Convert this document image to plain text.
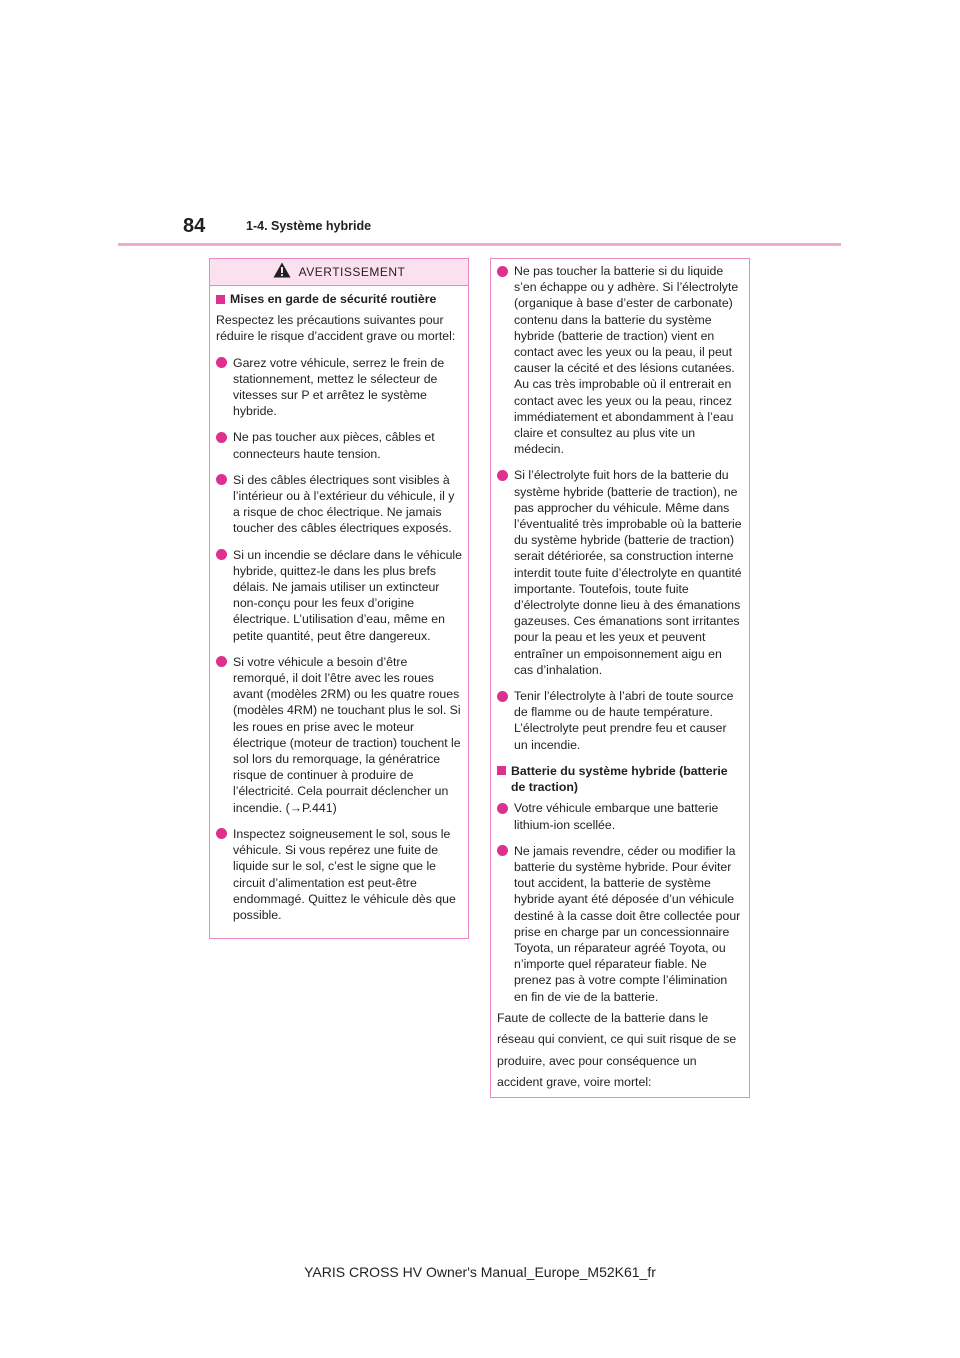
84	1-4. Système hybride
AVERTISSEMENT
Mises en garde de sécurité routière

Respectez les précautions suivantes pour réduire le risque d’accident grave ou mortel:

Garez votre véhicule, serrez le frein de stationnement, mettez le sélecteur de vitesses sur P et arrêtez le système hybride.
Ne pas toucher aux pièces, câbles et connecteurs haute tension.
Si des câbles électriques sont visibles à l’intérieur ou à l’extérieur du véhicule, il y a risque de choc électrique. Ne jamais toucher des câbles électriques exposés.
Si un incendie se déclare dans le véhicule hybride, quittez-le dans les plus brefs délais. Ne jamais utiliser un extincteur non-conçu pour les feux d’origine électrique. L’utilisation d’eau, même en petite quantité, peut être dangereux.
Si votre véhicule a besoin d’être remorqué, il doit l’être avec les roues avant (modèles 2RM) ou les quatre roues (modèles 4RM) ne touchant plus le sol. Si les roues en prise avec le moteur électrique (moteur de traction) touchent le sol lors du remorquage, la génératrice risque de continuer à produire de l’électricité. Cela pourrait déclencher un incendie. (→P.441)
Inspectez soigneusement le sol, sous le véhicule. Si vous repérez une fuite de liquide sur le sol, c’est le signe que le circuit d’alimentation est peut-être endommagé. Quittez le véhicule dès que possible.
Ne pas toucher la batterie si du liquide s’en échappe ou y adhère. Si l’électrolyte (organique à base d’ester de carbonate) contenu dans la batterie du système hybride (batterie de traction) vient en contact avec les yeux ou la peau, il peut causer la cécité et des lésions cutanées. Au cas très improbable où il entrerait en contact avec les yeux ou la peau, rincez immédiatement et abondamment à l’eau claire et consultez au plus vite un médecin.
Si l’électrolyte fuit hors de la batterie du système hybride (batterie de traction), ne pas approcher du véhicule. Même dans l’éventualité très improbable où la batterie du système hybride (batterie de traction) serait détériorée, sa construction interne interdit toute fuite d’électrolyte en quantité importante. Toutefois, toute fuite d’électrolyte donne lieu à des émanations gazeuses. Ces émanations sont irritantes pour la peau et les yeux et peuvent entraîner un empoisonnement aigu en cas d’inhalation.
Tenir l’électrolyte à l’abri de toute source de flamme ou de haute température. L’électrolyte peut prendre feu et causer un incendie.
Batterie du système hybride (batterie de traction)
Votre véhicule embarque une batterie lithium-ion scellée.
Ne jamais revendre, céder ou modifier la batterie du système hybride. Pour éviter tout accident, la batterie de système hybride ayant été déposée d’un véhicule destiné à la casse doit être collectée pour prise en charge par un concessionnaire Toyota, un réparateur agréé Toyota, ou n’importe quel réparateur fiable. Ne prenez pas à votre compte l’élimination en fin de vie de la batterie.

Faute de collecte de la batterie dans le réseau qui convient, ce qui suit risque de se produire, avec pour conséquence un accident grave, voire mortel:

YARIS CROSS HV Owner's Manual_Europe_M52K61_fr
